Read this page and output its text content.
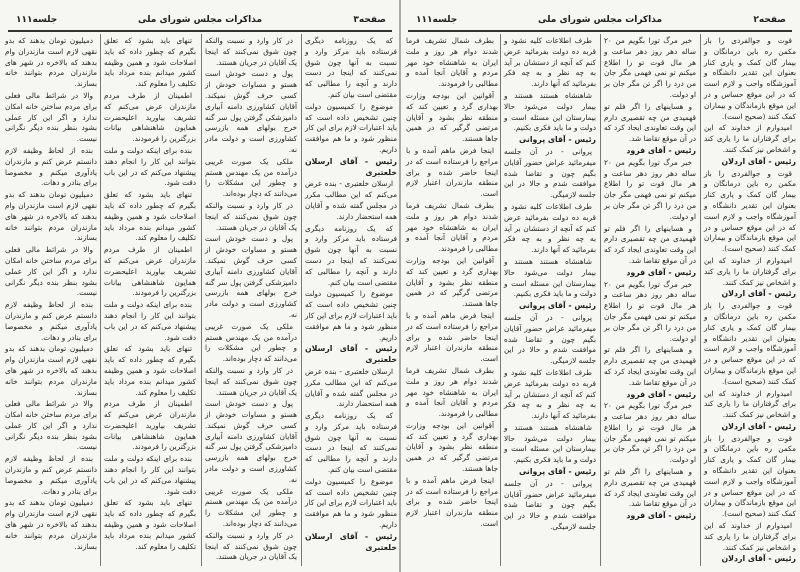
صفحه۳
مذاکرات مجلس شورای ملی
جلسه۱۱۱

که یک روزنامه دیگری فرستاده باید مرکز وارد و نسبت به آنها چون شوق نمی‌کنند که اینجا در دست دارند و آنچه را مطالبی که مقتضی است بیان کنم.

موضوع را کمیسیون دولت چنین تشخیص داده است که باید اعتبارات لازم برای این کار منظور شود و ما هم موافقت داریم.

رئیس - آقای ارسلان خلعتبری

ارسلان خلعتبری - بنده عرض می‌کنم که این مطالب مکرر در مجلس گفته شده و آقایان همه استحضار دارند.

که یک روزنامه دیگری فرستاده باید مرکز وارد و نسبت به آنها چون شوق نمی‌کنند که اینجا در دست دارند و آنچه را مطالبی که مقتضی است بیان کنم.

موضوع را کمیسیون دولت چنین تشخیص داده است که باید اعتبارات لازم برای این کار منظور شود و ما هم موافقت داریم.

رئیس - آقای ارسلان خلعتبری

ارسلان خلعتبری - بنده عرض می‌کنم که این مطالب مکرر در مجلس گفته شده و آقایان همه استحضار دارند.

که یک روزنامه دیگری فرستاده باید مرکز وارد و نسبت به آنها چون شوق نمی‌کنند که اینجا در دست دارند و آنچه را مطالبی که مقتضی است بیان کنم.

موضوع را کمیسیون دولت چنین تشخیص داده است که باید اعتبارات لازم برای این کار منظور شود و ما هم موافقت داریم.

رئیس - آقای ارسلان خلعتبری

در کار وارد و نسبت والنکه چون شوق نمی‌کنند که اینجا یک آقایان در جریان هستند.

پول و دست خودش است هستو و مساوات خودش از کسی حرف گوش نمیکند. آقایان کشاورزی دامنه آبیاری دامپزشکی گرفتن پول سر گنه خرج بولهای همه بازرسی کشاورزی است و دولت مادر نه.

ملکی یک صورت غریبی درآمده من یک مهندس هستم و چطور این مشکلات را می‌دانند که دچار بوده‌اند.

در کار وارد و نسبت والنکه چون شوق نمی‌کنند که اینجا یک آقایان در جریان هستند.

پول و دست خودش است هستو و مساوات خودش از کسی حرف گوش نمیکند. آقایان کشاورزی دامنه آبیاری دامپزشکی گرفتن پول سر گنه خرج بولهای همه بازرسی کشاورزی است و دولت مادر نه.

ملکی یک صورت غریبی درآمده من یک مهندس هستم و چطور این مشکلات را می‌دانند که دچار بوده‌اند.

در کار وارد و نسبت والنکه چون شوق نمی‌کنند که اینجا یک آقایان در جریان هستند.

پول و دست خودش است هستو و مساوات خودش از کسی حرف گوش نمیکند. آقایان کشاورزی دامنه آبیاری دامپزشکی گرفتن پول سر گنه خرج بولهای همه بازرسی کشاورزی است و دولت مادر نه.

ملکی یک صورت غریبی درآمده من یک مهندس هستم و چطور این مشکلات را می‌دانند که دچار بوده‌اند.

در کار وارد و نسبت والنکه چون شوق نمی‌کنند که اینجا یک آقایان در جریان هستند.

تنهای باید بشود که تعلق بگیرم که چطور داده که باید اصلاحات شود و همین وظیفه کشور میدانم بنده مرداد باید تکلیف را معلوم کند.

اطمینان از طرف مردم مازندران عرض می‌کنم که تشریف بیاورید اعلیحضرت همایون شاهنشاهی بیانات بزرگترین را فرمودند.

بنده برای اینکه دولت و ملت بتوانند این کار را انجام دهند پیشنهاد می‌کنم که در این باب دقت شود.

تنهای باید بشود که تعلق بگیرم که چطور داده که باید اصلاحات شود و همین وظیفه کشور میدانم بنده مرداد باید تکلیف را معلوم کند.

اطمینان از طرف مردم مازندران عرض می‌کنم که تشریف بیاورید اعلیحضرت همایون شاهنشاهی بیانات بزرگترین را فرمودند.

بنده برای اینکه دولت و ملت بتوانند این کار را انجام دهند پیشنهاد می‌کنم که در این باب دقت شود.

تنهای باید بشود که تعلق بگیرم که چطور داده که باید اصلاحات شود و همین وظیفه کشور میدانم بنده مرداد باید تکلیف را معلوم کند.

اطمینان از طرف مردم مازندران عرض می‌کنم که تشریف بیاورید اعلیحضرت همایون شاهنشاهی بیانات بزرگترین را فرمودند.

بنده برای اینکه دولت و ملت بتوانند این کار را انجام دهند پیشنهاد می‌کنم که در این باب دقت شود.

تنهای باید بشود که تعلق بگیرم که چطور داده که باید اصلاحات شود و همین وظیفه کشور میدانم بنده مرداد باید تکلیف را معلوم کند.

دمیلیون تومان بدهند که بدو نقهی لازم است مازندران وام بدهند که بالاخره در شهر های مازندران مردم بتوانند خانه بسازند.

والا در شرائط مالی فعلی برای مردم ساختن خانه امکان ندارد و اگر این کار عملی بشود بنظر بنده دیگر نگرانی نیست.

بنده از لحاظ وظیفه لازم دانستم عرض کنم و مازندران یادآوری میکنم و مخصوصا برای بنادر و دهات.

دمیلیون تومان بدهند که بدو نقهی لازم است مازندران وام بدهند که بالاخره در شهر های مازندران مردم بتوانند خانه بسازند.

والا در شرائط مالی فعلی برای مردم ساختن خانه امکان ندارد و اگر این کار عملی بشود بنظر بنده دیگر نگرانی نیست.

بنده از لحاظ وظیفه لازم دانستم عرض کنم و مازندران یادآوری میکنم و مخصوصا برای بنادر و دهات.

دمیلیون تومان بدهند که بدو نقهی لازم است مازندران وام بدهند که بالاخره در شهر های مازندران مردم بتوانند خانه بسازند.

والا در شرائط مالی فعلی برای مردم ساختن خانه امکان ندارد و اگر این کار عملی بشود بنظر بنده دیگر نگرانی نیست.

بنده از لحاظ وظیفه لازم دانستم عرض کنم و مازندران یادآوری میکنم و مخصوصا برای بنادر و دهات.

دمیلیون تومان بدهند که بدو نقهی لازم است مازندران وام بدهند که بالاخره در شهر های مازندران مردم بتوانند خانه بسازند.

صفحه۲
مذاکرات مجلس شورای ملی
جلسه۱۱۱

قوت و جوالفردی را باز مکمن ره باین درمانگان و بیمار گان کمک و یاری کنار بعنوان این تقدیر دانشگاه و آموزشگاه واجب و لازم است که در این موقع حساس و در این موقع بازماندگان و بیماران کمک کنند (صحیح است).

امیدوارم از خداوند که این برای گرفتاران ما را یاری کند و اشخاص نیز کمک کنند.

رئیس - آقای اردلان

قوت و جوالفردی را باز مکمن ره باین درمانگان و بیمار گان کمک و یاری کنار بعنوان این تقدیر دانشگاه و آموزشگاه واجب و لازم است که در این موقع حساس و در این موقع بازماندگان و بیماران کمک کنند (صحیح است).

امیدوارم از خداوند که این برای گرفتاران ما را یاری کند و اشخاص نیز کمک کنند.

رئیس - آقای اردلان

قوت و جوالفردی را باز مکمن ره باین درمانگان و بیمار گان کمک و یاری کنار بعنوان این تقدیر دانشگاه و آموزشگاه واجب و لازم است که در این موقع حساس و در این موقع بازماندگان و بیماران کمک کنند (صحیح است).

امیدوارم از خداوند که این برای گرفتاران ما را یاری کند و اشخاص نیز کمک کنند.

رئیس - آقای اردلان

قوت و جوالفردی را باز مکمن ره باین درمانگان و بیمار گان کمک و یاری کنار بعنوان این تقدیر دانشگاه و آموزشگاه واجب و لازم است که در این موقع حساس و در این موقع بازماندگان و بیماران کمک کنند (صحیح است).

امیدوارم از خداوند که این برای گرفتاران ما را یاری کند و اشخاص نیز کمک کنند.

رئیس - آقای اردلان

خبر مرگ تورا بگویم من ۲۰ ساله دهر روز دهر ساعت و هر مال قوت تو را اطلاع میکنم تو نمی فهمی مگر جان من درد را اگر تن مگر جان بر او دولت.

و هساینهای را اگر فلم تو قهمیدی من چه تقصیری دارم این وقت تعاوندی ایجاد کرد که در آن موقع تقاضا شد.

رئیس - آقای فرود

خبر مرگ تورا بگویم من ۲۰ ساله دهر روز دهر ساعت و هر مال قوت تو را اطلاع میکنم تو نمی فهمی مگر جان من درد را اگر تن مگر جان بر او دولت.

و هساینهای را اگر فلم تو قهمیدی من چه تقصیری دارم این وقت تعاوندی ایجاد کرد که در آن موقع تقاضا شد.

رئیس - آقای فرود

خبر مرگ تورا بگویم من ۲۰ ساله دهر روز دهر ساعت و هر مال قوت تو را اطلاع میکنم تو نمی فهمی مگر جان من درد را اگر تن مگر جان بر او دولت.

و هساینهای را اگر فلم تو قهمیدی من چه تقصیری دارم این وقت تعاوندی ایجاد کرد که در آن موقع تقاضا شد.

رئیس - آقای فرود

خبر مرگ تورا بگویم من ۲۰ ساله دهر روز دهر ساعت و هر مال قوت تو را اطلاع میکنم تو نمی فهمی مگر جان من درد را اگر تن مگر جان بر او دولت.

و هساینهای را اگر فلم تو قهمیدی من چه تقصیری دارم این وقت تعاوندی ایجاد کرد که در آن موقع تقاضا شد.

رئیس - آقای فرود

طرف اطلاعات کلیه نشود و قربه ده دولت بفرمائید عرض کنم که آنچه از دستشان بر آید به چه نظر و به چه فکر بفرمائید که آنها دارند.

شاهنشاه هستند هستند و بیمار دولت می‌شود حالا بیمارستان این مسئله است و دولت و ما باید فکری بکنیم.

رئیس - آقای پروانی

پروانی - در آن جلسه میفرمائید عراض حضور آقایان بگیم چون و تقاضا شده موافقت شدم و حالا در این جلسه لازمیگی.

طرف اطلاعات کلیه نشود و قربه ده دولت بفرمائید عرض کنم که آنچه از دستشان بر آید به چه نظر و به چه فکر بفرمائید که آنها دارند.

شاهنشاه هستند هستند و بیمار دولت می‌شود حالا بیمارستان این مسئله است و دولت و ما باید فکری بکنیم.

رئیس - آقای پروانی

پروانی - در آن جلسه میفرمائید عراض حضور آقایان بگیم چون و تقاضا شده موافقت شدم و حالا در این جلسه لازمیگی.

طرف اطلاعات کلیه نشود و قربه ده دولت بفرمائید عرض کنم که آنچه از دستشان بر آید به چه نظر و به چه فکر بفرمائید که آنها دارند.

شاهنشاه هستند هستند و بیمار دولت می‌شود حالا بیمارستان این مسئله است و دولت و ما باید فکری بکنیم.

رئیس - آقای پروانی

پروانی - در آن جلسه میفرمائید عراض حضور آقایان بگیم چون و تقاضا شده موافقت شدم و حالا در این جلسه لازمیگی.

بطرف شمال تشریف فرما شدند دوام هر روز و ملت ایران به شاهنشاه خود مهر مردم و آقایان آنجا آمده و مطالبی را فرمودند.

آقوانین این بودجه وزارت بهداری گرد و تعیین کند که منطقه نظر بشود و آقایان مرتضی گرگیر که در همین جاها هستند.

اینجا فرض ماهم آمده و با مراجع را فرستاده است که در اینجا حاضر شده و برای منطقه مازندران اعتبار لازم است.

بطرف شمال تشریف فرما شدند دوام هر روز و ملت ایران به شاهنشاه خود مهر مردم و آقایان آنجا آمده و مطالبی را فرمودند.

آقوانین این بودجه وزارت بهداری گرد و تعیین کند که منطقه نظر بشود و آقایان مرتضی گرگیر که در همین جاها هستند.

اینجا فرض ماهم آمده و با مراجع را فرستاده است که در اینجا حاضر شده و برای منطقه مازندران اعتبار لازم است.

بطرف شمال تشریف فرما شدند دوام هر روز و ملت ایران به شاهنشاه خود مهر مردم و آقایان آنجا آمده و مطالبی را فرمودند.

آقوانین این بودجه وزارت بهداری گرد و تعیین کند که منطقه نظر بشود و آقایان مرتضی گرگیر که در همین جاها هستند.

اینجا فرض ماهم آمده و با مراجع را فرستاده است که در اینجا حاضر شده و برای منطقه مازندران اعتبار لازم است.
